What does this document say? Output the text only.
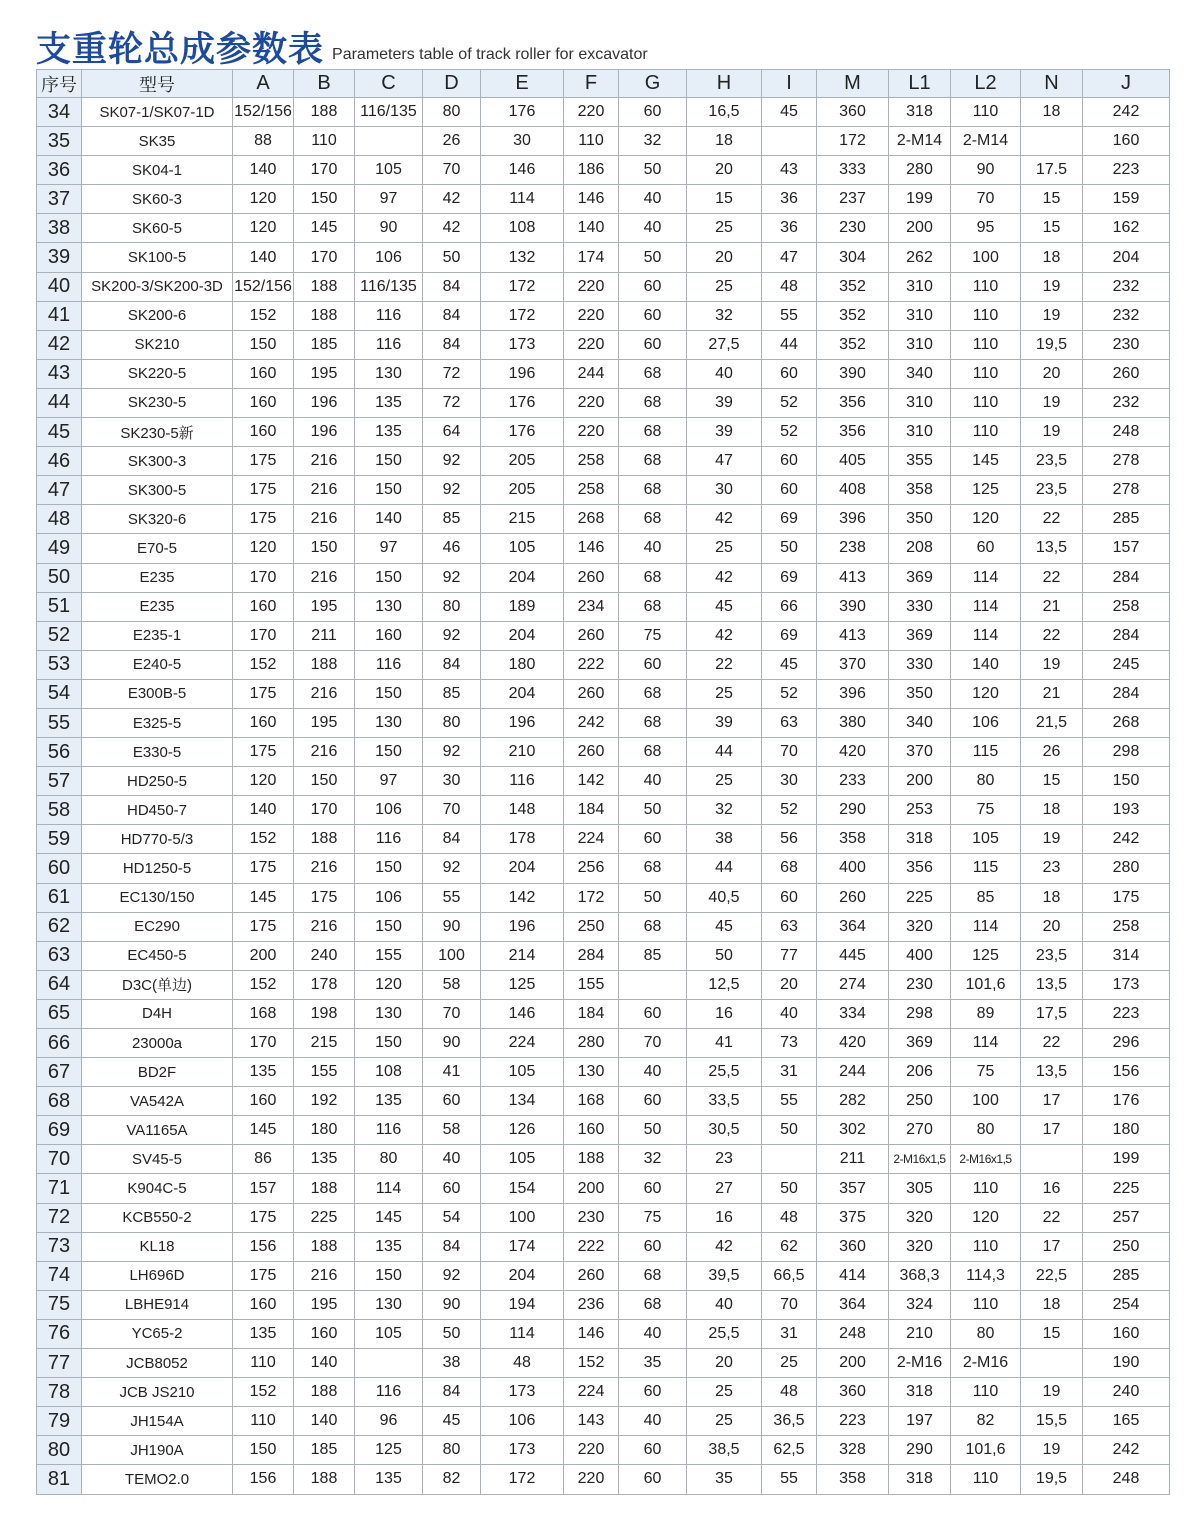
支重轮总成参数表 Parameters table of track roller for excavator
序号	型号	A	B	C	D	E	F	G	H	I	M	L1	L2	N	J
34	SK07-1/SK07-1D	152/156	188	116/135	80	176	220	60	16,5	45	360	318	110	18	242
35	SK35	88	110		26	30	110	32	18		172	2-M14	2-M14		160
36	SK04-1	140	170	105	70	146	186	50	20	43	333	280	90	17.5	223
37	SK60-3	120	150	97	42	114	146	40	15	36	237	199	70	15	159
38	SK60-5	120	145	90	42	108	140	40	25	36	230	200	95	15	162
39	SK100-5	140	170	106	50	132	174	50	20	47	304	262	100	18	204
40	SK200-3/SK200-3D	152/156	188	116/135	84	172	220	60	25	48	352	310	110	19	232
41	SK200-6	152	188	116	84	172	220	60	32	55	352	310	110	19	232
42	SK210	150	185	116	84	173	220	60	27,5	44	352	310	110	19,5	230
43	SK220-5	160	195	130	72	196	244	68	40	60	390	340	110	20	260
44	SK230-5	160	196	135	72	176	220	68	39	52	356	310	110	19	232
45	SK230-5新	160	196	135	64	176	220	68	39	52	356	310	110	19	248
46	SK300-3	175	216	150	92	205	258	68	47	60	405	355	145	23,5	278
47	SK300-5	175	216	150	92	205	258	68	30	60	408	358	125	23,5	278
48	SK320-6	175	216	140	85	215	268	68	42	69	396	350	120	22	285
49	E70-5	120	150	97	46	105	146	40	25	50	238	208	60	13,5	157
50	E235	170	216	150	92	204	260	68	42	69	413	369	114	22	284
51	E235	160	195	130	80	189	234	68	45	66	390	330	114	21	258
52	E235-1	170	211	160	92	204	260	75	42	69	413	369	114	22	284
53	E240-5	152	188	116	84	180	222	60	22	45	370	330	140	19	245
54	E300B-5	175	216	150	85	204	260	68	25	52	396	350	120	21	284
55	E325-5	160	195	130	80	196	242	68	39	63	380	340	106	21,5	268
56	E330-5	175	216	150	92	210	260	68	44	70	420	370	115	26	298
57	HD250-5	120	150	97	30	116	142	40	25	30	233	200	80	15	150
58	HD450-7	140	170	106	70	148	184	50	32	52	290	253	75	18	193
59	HD770-5/3	152	188	116	84	178	224	60	38	56	358	318	105	19	242
60	HD1250-5	175	216	150	92	204	256	68	44	68	400	356	115	23	280
61	EC130/150	145	175	106	55	142	172	50	40,5	60	260	225	85	18	175
62	EC290	175	216	150	90	196	250	68	45	63	364	320	114	20	258
63	EC450-5	200	240	155	100	214	284	85	50	77	445	400	125	23,5	314
64	D3C(单边)	152	178	120	58	125	155		12,5	20	274	230	101,6	13,5	173
65	D4H	168	198	130	70	146	184	60	16	40	334	298	89	17,5	223
66	23000a	170	215	150	90	224	280	70	41	73	420	369	114	22	296
67	BD2F	135	155	108	41	105	130	40	25,5	31	244	206	75	13,5	156
68	VA542A	160	192	135	60	134	168	60	33,5	55	282	250	100	17	176
69	VA1165A	145	180	116	58	126	160	50	30,5	50	302	270	80	17	180
70	SV45-5	86	135	80	40	105	188	32	23		211	2-M16x1,5	2-M16x1,5		199
71	K904C-5	157	188	114	60	154	200	60	27	50	357	305	110	16	225
72	KCB550-2	175	225	145	54	100	230	75	16	48	375	320	120	22	257
73	KL18	156	188	135	84	174	222	60	42	62	360	320	110	17	250
74	LH696D	175	216	150	92	204	260	68	39,5	66,5	414	368,3	114,3	22,5	285
75	LBHE914	160	195	130	90	194	236	68	40	70	364	324	110	18	254
76	YC65-2	135	160	105	50	114	146	40	25,5	31	248	210	80	15	160
77	JCB8052	110	140		38	48	152	35	20	25	200	2-M16	2-M16		190
78	JCB JS210	152	188	116	84	173	224	60	25	48	360	318	110	19	240
79	JH154A	110	140	96	45	106	143	40	25	36,5	223	197	82	15,5	165
80	JH190A	150	185	125	80	173	220	60	38,5	62,5	328	290	101,6	19	242
81	TEMO2.0	156	188	135	82	172	220	60	35	55	358	318	110	19,5	248
